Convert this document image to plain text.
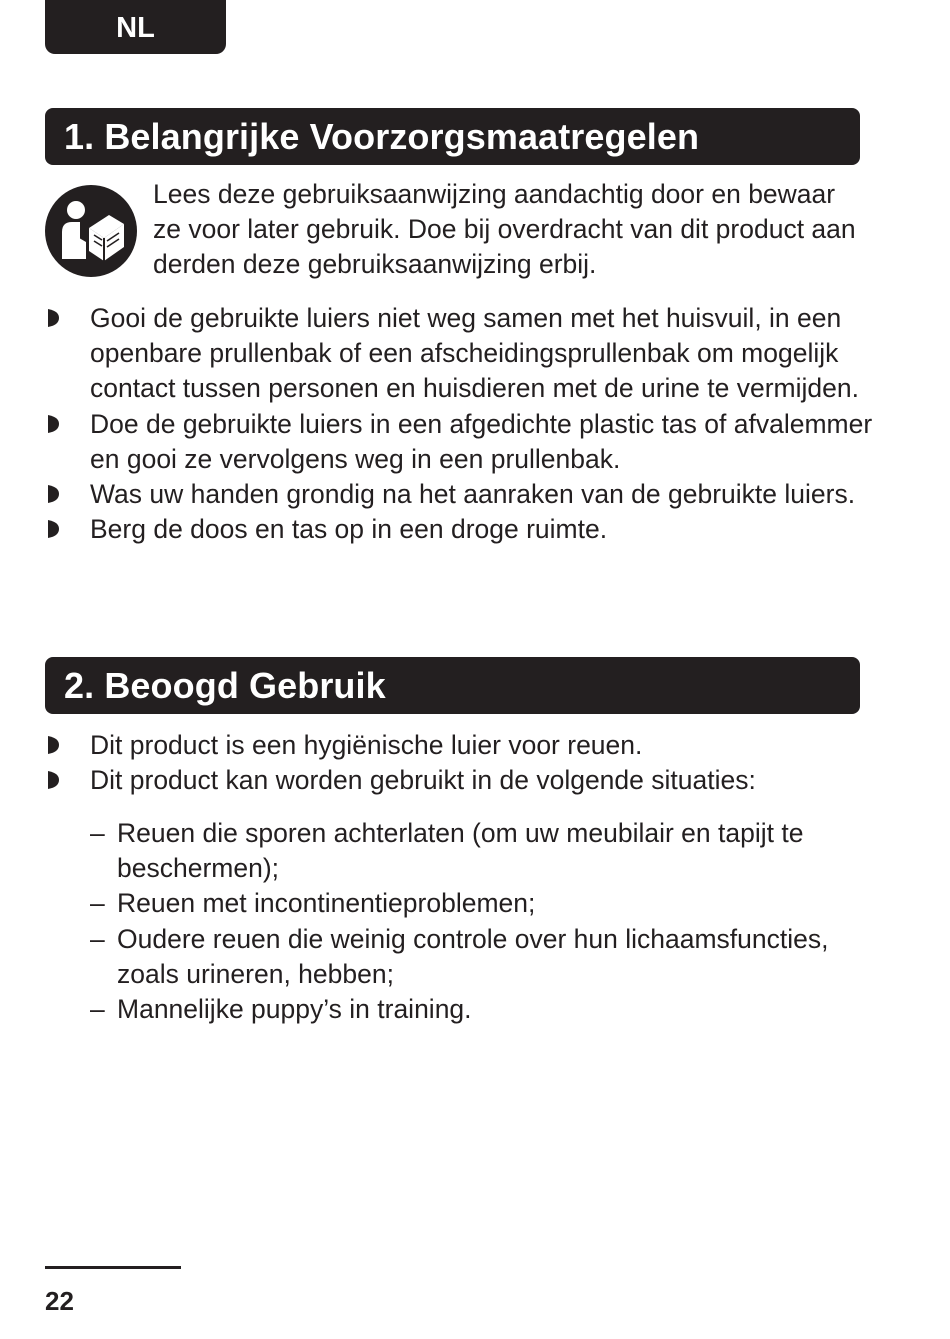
NL
1. Belangrijke Voorzorgsmaatregelen
Lees deze gebruiksaanwijzing aandachtig door en bewaar ze voor later gebruik. Doe bij overdracht van dit product aan derden deze gebruiksaanwijzing erbij.
Gooi de gebruikte luiers niet weg samen met het huisvuil, in een openbare prullenbak of een afscheidingsprullenbak om mogelijk contact tussen personen en huisdieren met de urine te vermijden.
Doe de gebruikte luiers in een afgedichte plastic tas of afvalemmer en gooi ze vervolgens weg in een prullenbak.
Was uw handen grondig na het aanraken van de gebruikte luiers.
Berg de doos en tas op in een droge ruimte.
2. Beoogd Gebruik
Dit product is een hygiënische luier voor reuen.
Dit product kan worden gebruikt in de volgende situaties:
– Reuen die sporen achterlaten (om uw meubilair en tapijt te beschermen);
– Reuen met incontinentieproblemen;
– Oudere reuen die weinig controle over hun lichaamsfuncties, zoals urineren, hebben;
– Mannelijke puppy’s in training.
22
